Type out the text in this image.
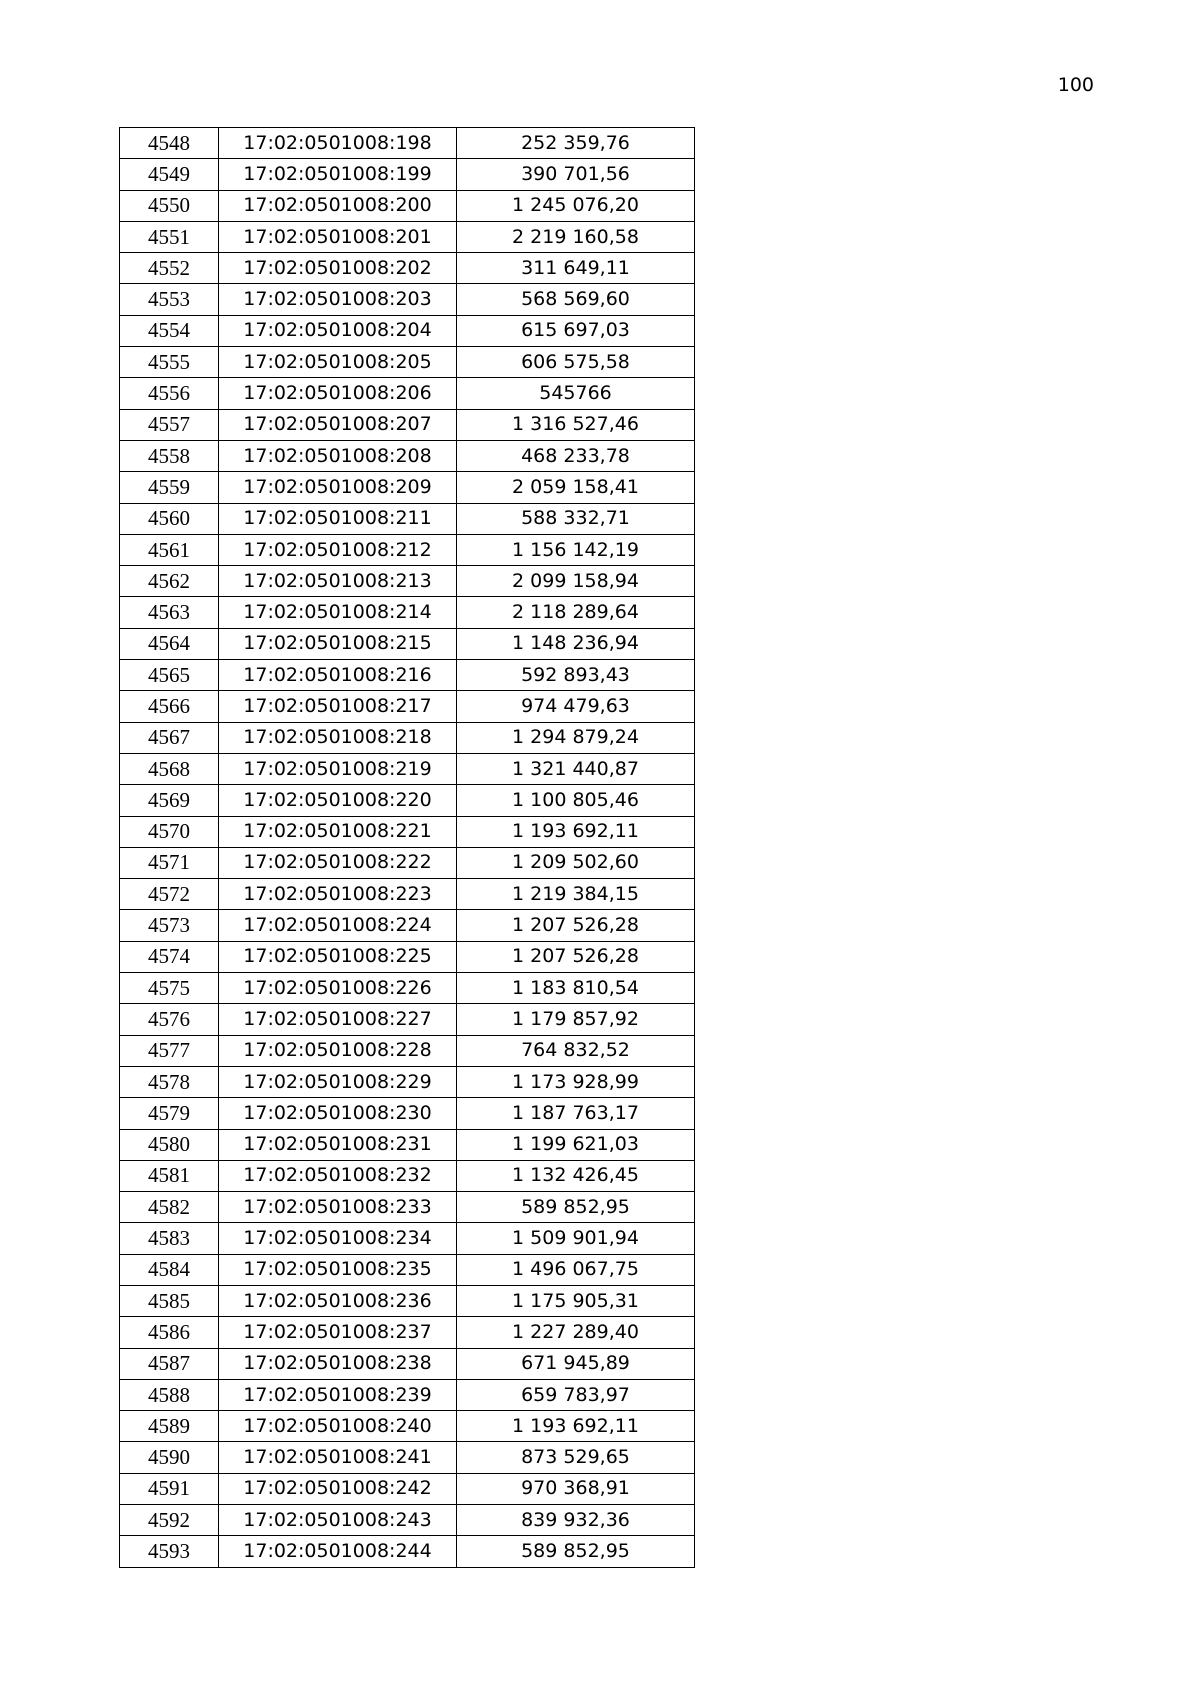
100

4548	17:02:0501008:198	252 359,76
4549	17:02:0501008:199	390 701,56
4550	17:02:0501008:200	1 245 076,20
4551	17:02:0501008:201	2 219 160,58
4552	17:02:0501008:202	311 649,11
4553	17:02:0501008:203	568 569,60
4554	17:02:0501008:204	615 697,03
4555	17:02:0501008:205	606 575,58
4556	17:02:0501008:206	545766
4557	17:02:0501008:207	1 316 527,46
4558	17:02:0501008:208	468 233,78
4559	17:02:0501008:209	2 059 158,41
4560	17:02:0501008:211	588 332,71
4561	17:02:0501008:212	1 156 142,19
4562	17:02:0501008:213	2 099 158,94
4563	17:02:0501008:214	2 118 289,64
4564	17:02:0501008:215	1 148 236,94
4565	17:02:0501008:216	592 893,43
4566	17:02:0501008:217	974 479,63
4567	17:02:0501008:218	1 294 879,24
4568	17:02:0501008:219	1 321 440,87
4569	17:02:0501008:220	1 100 805,46
4570	17:02:0501008:221	1 193 692,11
4571	17:02:0501008:222	1 209 502,60
4572	17:02:0501008:223	1 219 384,15
4573	17:02:0501008:224	1 207 526,28
4574	17:02:0501008:225	1 207 526,28
4575	17:02:0501008:226	1 183 810,54
4576	17:02:0501008:227	1 179 857,92
4577	17:02:0501008:228	764 832,52
4578	17:02:0501008:229	1 173 928,99
4579	17:02:0501008:230	1 187 763,17
4580	17:02:0501008:231	1 199 621,03
4581	17:02:0501008:232	1 132 426,45
4582	17:02:0501008:233	589 852,95
4583	17:02:0501008:234	1 509 901,94
4584	17:02:0501008:235	1 496 067,75
4585	17:02:0501008:236	1 175 905,31
4586	17:02:0501008:237	1 227 289,40
4587	17:02:0501008:238	671 945,89
4588	17:02:0501008:239	659 783,97
4589	17:02:0501008:240	1 193 692,11
4590	17:02:0501008:241	873 529,65
4591	17:02:0501008:242	970 368,91
4592	17:02:0501008:243	839 932,36
4593	17:02:0501008:244	589 852,95
